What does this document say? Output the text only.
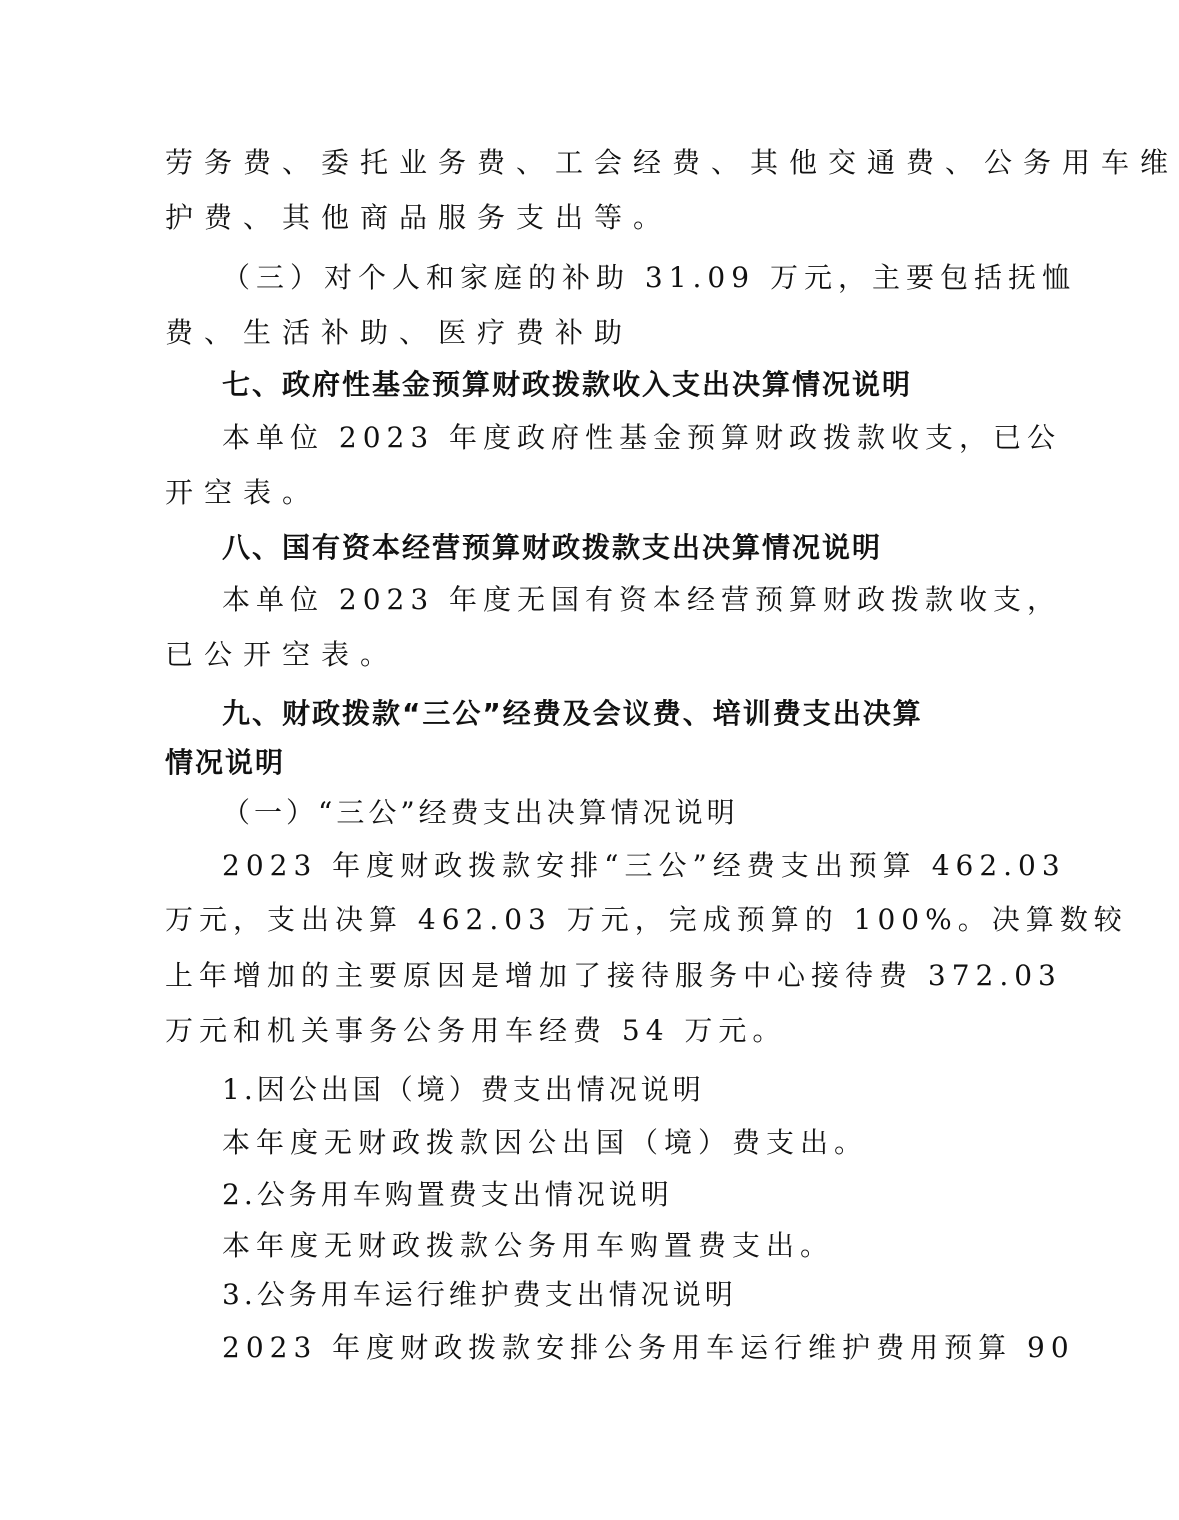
劳务费、委托业务费、工会经费、其他交通费、公务用车维
护费、其他商品服务支出等。
（三）对个人和家庭的补助 31.09 万元，主要包括抚恤
费、生活补助、医疗费补助
七、政府性基金预算财政拨款收入支出决算情况说明
本单位 2023 年度政府性基金预算财政拨款收支，已公
开空表。
八、国有资本经营预算财政拨款支出决算情况说明
本单位 2023 年度无国有资本经营预算财政拨款收支，
已公开空表。
九、财政拨款“三公”经费及会议费、培训费支出决算
情况说明
（一）“三公”经费支出决算情况说明
2023 年度财政拨款安排“三公”经费支出预算 462.03
万元，支出决算 462.03 万元，完成预算的 100%。决算数较
上年增加的主要原因是增加了接待服务中心接待费 372.03
万元和机关事务公务用车经费 54 万元。
1.因公出国（境）费支出情况说明
本年度无财政拨款因公出国（境）费支出。
2.公务用车购置费支出情况说明
本年度无财政拨款公务用车购置费支出。
3.公务用车运行维护费支出情况说明
2023 年度财政拨款安排公务用车运行维护费用预算 90
